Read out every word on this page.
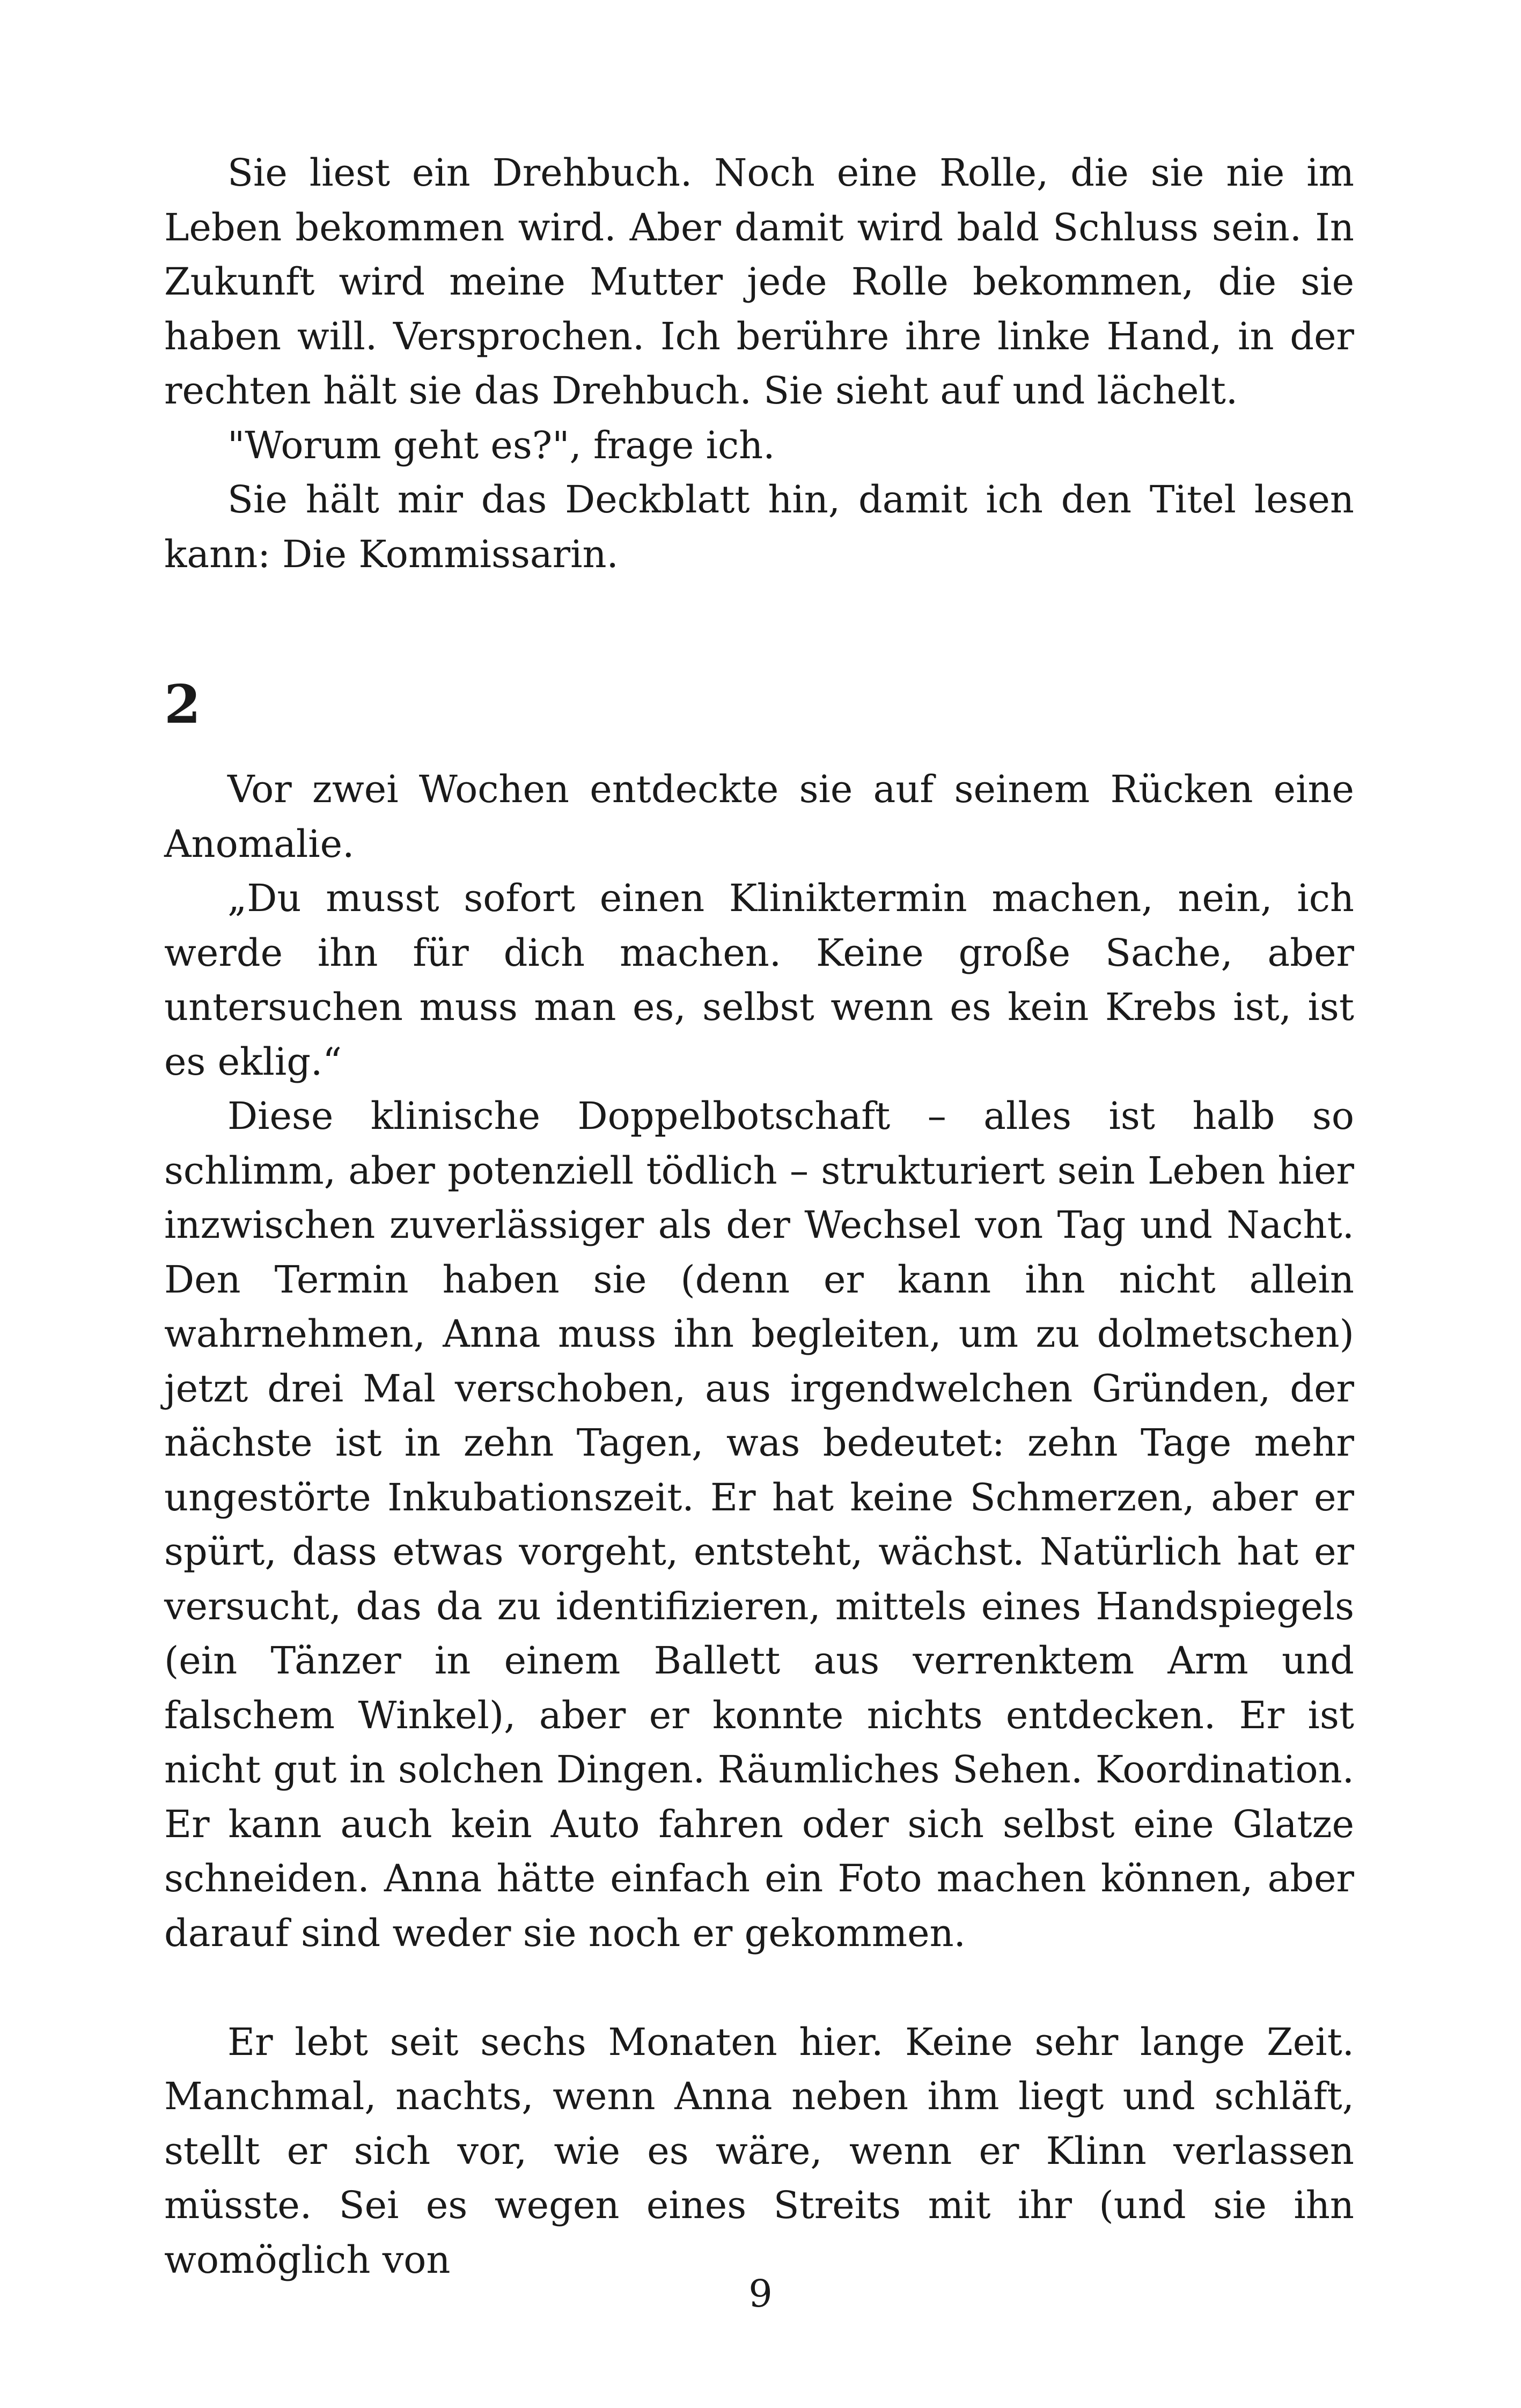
Sie liest ein Drehbuch. Noch eine Rolle, die sie nie im Leben bekommen wird. Aber damit wird bald Schluss sein. In Zukunft wird meine Mutter jede Rolle bekommen, die sie haben will. Versprochen. Ich berühre ihre linke Hand, in der rechten hält sie das Drehbuch. Sie sieht auf und lächelt.

"Worum geht es?", frage ich.

Sie hält mir das Deckblatt hin, damit ich den Titel lesen kann: Die Kommissarin.

2

Vor zwei Wochen entdeckte sie auf seinem Rücken eine Anomalie.

„Du musst sofort einen Kliniktermin machen, nein, ich werde ihn für dich machen. Keine große Sache, aber untersuchen muss man es, selbst wenn es kein Krebs ist, ist es eklig.“

Diese klinische Doppelbotschaft – alles ist halb so schlimm, aber potenziell tödlich – strukturiert sein Leben hier inzwischen zuverlässiger als der Wechsel von Tag und Nacht. Den Termin haben sie (denn er kann ihn nicht allein wahrnehmen, Anna muss ihn begleiten, um zu dolmetschen) jetzt drei Mal verschoben, aus irgendwelchen Gründen, der nächste ist in zehn Tagen, was bedeutet: zehn Tage mehr ungestörte Inkubationszeit. Er hat keine Schmerzen, aber er spürt, dass etwas vorgeht, entsteht, wächst. Natürlich hat er versucht, das da zu identifizieren, mittels eines Handspiegels (ein Tänzer in einem Ballett aus verrenktem Arm und falschem Winkel), aber er konnte nichts entdecken. Er ist nicht gut in solchen Dingen. Räumliches Sehen. Koordination. Er kann auch kein Auto fahren oder sich selbst eine Glatze schneiden. Anna hätte einfach ein Foto machen können, aber darauf sind weder sie noch er gekommen.

Er lebt seit sechs Monaten hier. Keine sehr lange Zeit. Manchmal, nachts, wenn Anna neben ihm liegt und schläft, stellt er sich vor, wie es wäre, wenn er Klinn verlassen müsste. Sei es wegen eines Streits mit ihr (und sie ihn womöglich von

9
